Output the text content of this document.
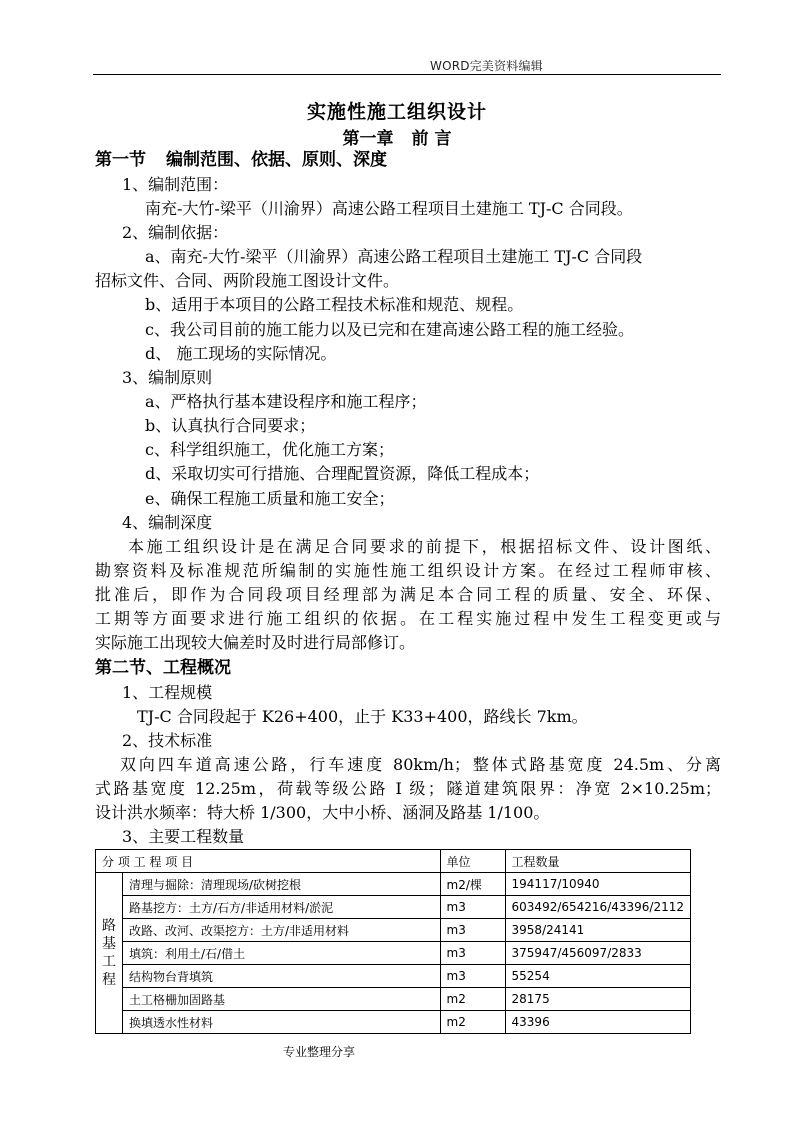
WORD完美资料编辑
实施性施工组织设计
第一章 前 言
第一节 编制范围、依据、原则、深度
1、编制范围：
南充-大竹-梁平（川渝界）高速公路工程项目土建施工 TJ-C 合同段。
2、编制依据：
a、南充-大竹-梁平（川渝界）高速公路工程项目土建施工 TJ-C 合同段
招标文件、合同、两阶段施工图设计文件。
b、适用于本项目的公路工程技术标准和规范、规程。
c、我公司目前的施工能力以及已完和在建高速公路工程的施工经验。
d、 施工现场的实际情况。
3、编制原则
a、严格执行基本建设程序和施工程序；
b、认真执行合同要求；
c、科学组织施工，优化施工方案；
d、采取切实可行措施、合理配置资源，降低工程成本；
e、确保工程施工质量和施工安全；
4、编制深度
本施工组织设计是在满足合同要求的前提下，根据招标文件、设计图纸、
勘察资料及标准规范所编制的实施性施工组织设计方案。在经过工程师审核、
批准后，即作为合同段项目经理部为满足本合同工程的质量、安全、环保、
工期等方面要求进行施工组织的依据。在工程实施过程中发生工程变更或与
实际施工出现较大偏差时及时进行局部修订。
第二节、工程概况
1、工程规模
TJ-C 合同段起于 K26+400，止于 K33+400，路线长 7km。
2、技术标准
双向四车道高速公路，行车速度 80km/h；整体式路基宽度 24.5m、分离
式路基宽度 12.25m，荷载等级公路 I 级；隧道建筑限界：净宽 2×10.25m；
设计洪水频率：特大桥 1/300，大中小桥、涵洞及路基 1/100。
3、主要工程数量
分 项 工 程 项 目		单位	工程数量

路
基
工
程	清理与掘除：清理现场/砍树挖根	m2/棵	194117/10940
	路基挖方：土方/石方/非适用材料/淤泥	m3	603492/654216/43396/2112
	改路、改河、改渠挖方：土方/非适用材料	m3	3958/24141
	填筑：利用土/石/借土	m3	375947/456097/2833
	结构物台背填筑	m3	55254
	土工格栅加固路基	m2	28175
	换填透水性材料	m2	43396
专业整理分享
